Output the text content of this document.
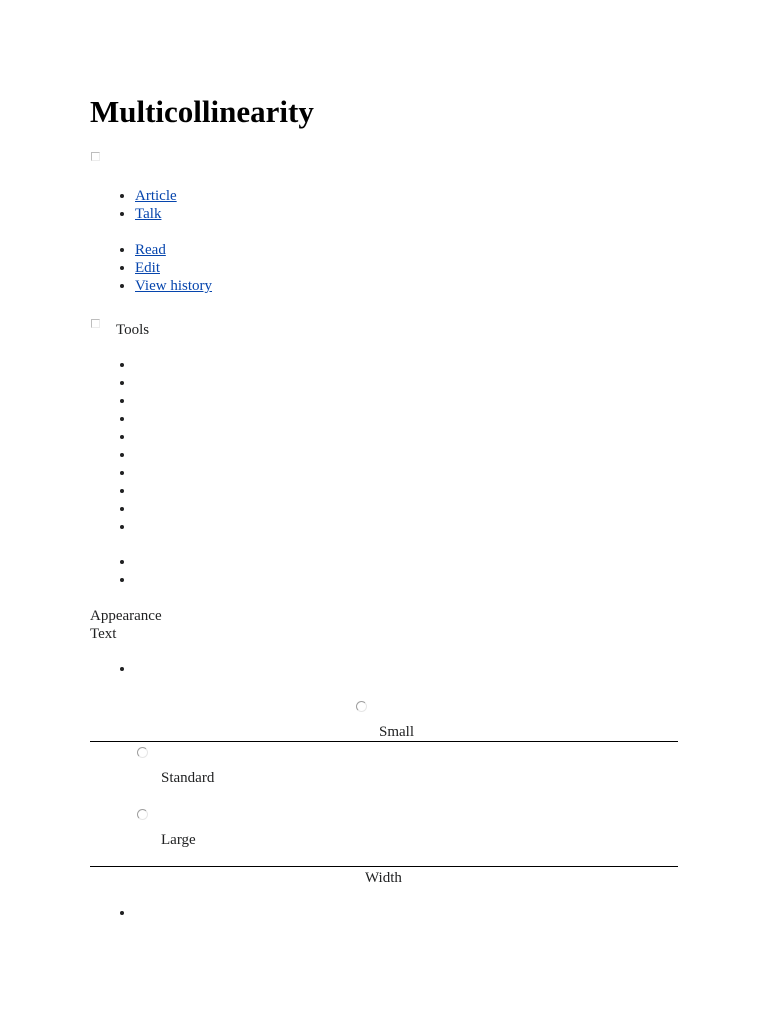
Multicollinearity
• Article
• Talk
• Read
• Edit
• View history
Tools
Appearance
Text
Small
Standard
Large
Width
